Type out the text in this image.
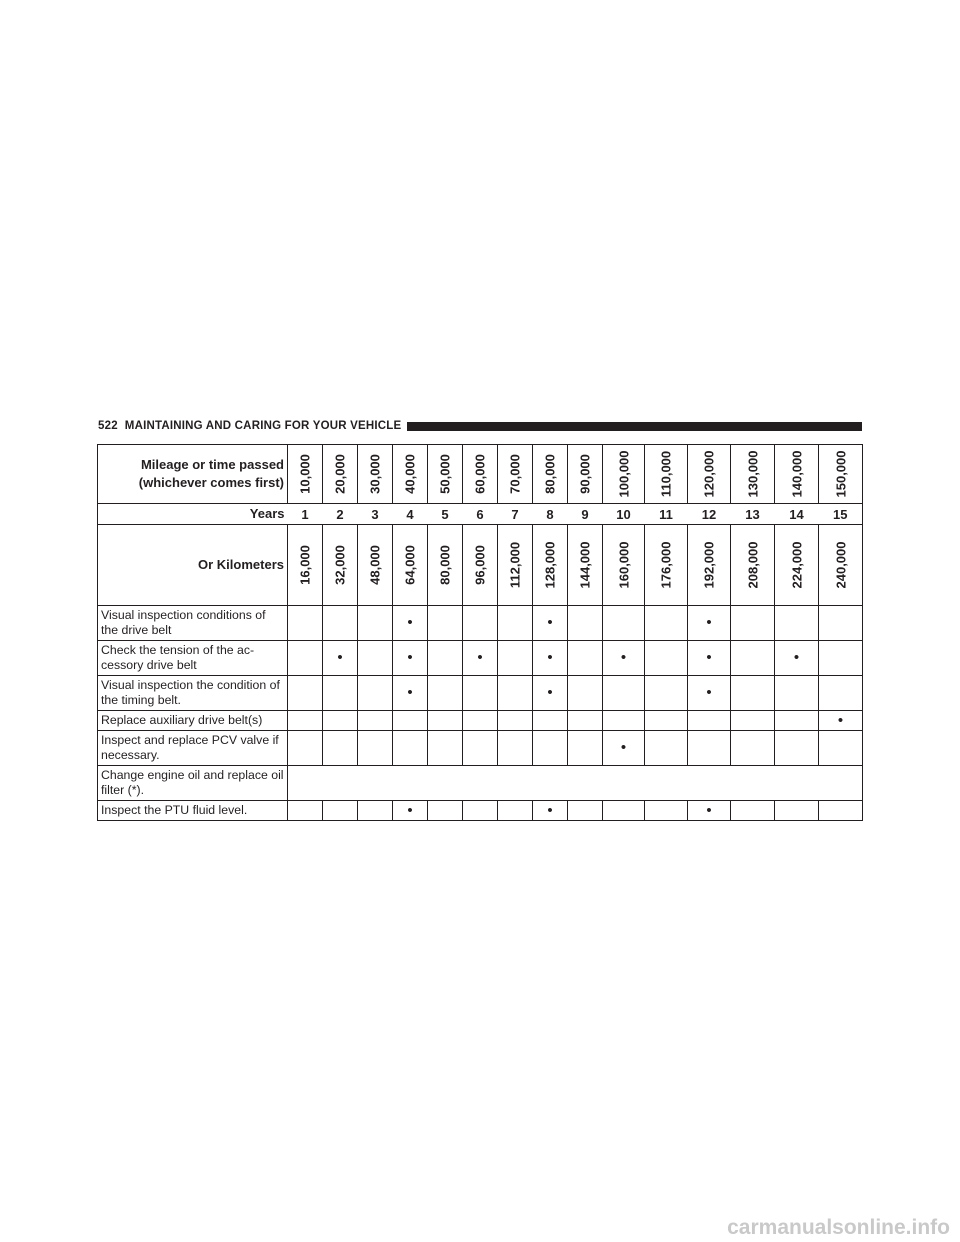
522 MAINTAINING AND CARING FOR YOUR VEHICLE
Mileage or time passed
(whichever comes first)	10,000	20,000	30,000	40,000	50,000	60,000	70,000	80,000	90,000	100,000	110,000	120,000	130,000	140,000	150,000

Years	1	2	3	4	5	6	7	8	9	10	11	12	13	14	15
Or Kilometers	16,000	32,000	48,000	64,000	80,000	96,000	112,000	128,000	144,000	160,000	176,000	192,000	208,000	224,000	240,000

Visual inspection conditions of the drive belt				•				•				•			
Check the tension of the ac-cessory drive belt		•		•		•		•		•		•		•	
Visual inspection the condition of the timing belt.				•				•				•			
Replace auxiliary drive belt(s)															•
Inspect and replace PCV valve if necessary.										•					
Change engine oil and replace oil filter (*).															
Inspect the PTU fluid level.				•				•				•			
carmanualsonline.info
